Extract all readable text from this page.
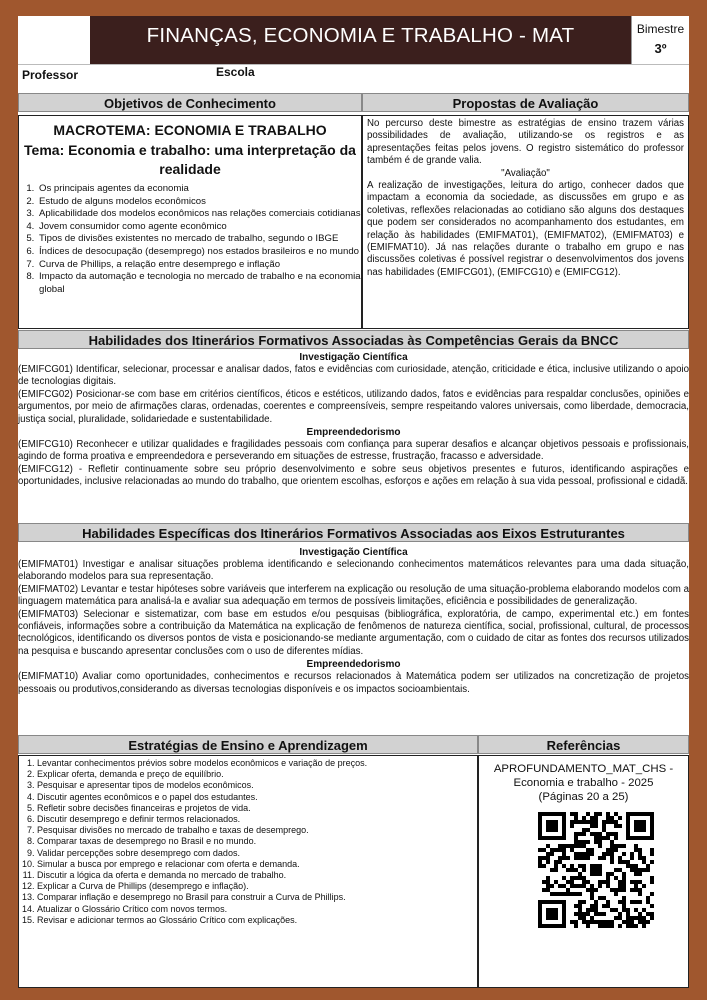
FINANÇAS, ECONOMIA E TRABALHO - MAT	Bimestre
3º
Professor	Escola
Objetivos de Conhecimento	Propostas de Avaliação
MACROTEMA: ECONOMIA E TRABALHO
Tema: Economia e trabalho: uma interpretação da realidade
1. Os principais agentes da economia
2. Estudo de alguns modelos econômicos
3. Aplicabilidade dos modelos econômicos nas relações comerciais cotidianas
4. Jovem consumidor como agente econômico
5. Tipos de divisões existentes no mercado de trabalho, segundo o IBGE
6. Índices de desocupação (desemprego) nos estados brasileiros e no mundo
7. Curva de Phillips, a relação entre desemprego e inflação
8. Impacto da automação e tecnologia no mercado de trabalho e na economia global

No percurso deste bimestre as estratégias de ensino trazem várias possibilidades de avaliação, utilizando-se os registros e as apresentações feitas pelos jovens. O registro sistemático do professor também é de grande valia.

"Avaliação"

A realização de investigações, leitura do artigo, conhecer dados que impactam a economia da sociedade, as discussões em grupo e as coletivas, reflexões relacionadas ao cotidiano são alguns dos destaques que podem ser considerados no acompanhamento dos estudantes, em relação às habilidades (EMIFMAT01), (EMIFMAT02), (EMIFMAT03) e (EMIFMAT10). Já nas relações durante o trabalho em grupo e nas discussões coletivas é possível registrar o desenvolvimentos dos jovens nas habilidades (EMIFCG01), (EMIFCG10) e (EMIFCG12).

Habilidades dos Itinerários Formativos Associadas às Competências Gerais da BNCC
Investigação Científica

(EMIFCG01) Identificar, selecionar, processar e analisar dados, fatos e evidências com curiosidade, atenção, criticidade e ética, inclusive utilizando o apoio de tecnologias digitais.

(EMIFCG02) Posicionar-se com base em critérios científicos, éticos e estéticos, utilizando dados, fatos e evidências para respaldar conclusões, opiniões e argumentos, por meio de afirmações claras, ordenadas, coerentes e compreensíveis, sempre respeitando valores universais, como liberdade, democracia, justiça social, pluralidade, solidariedade e sustentabilidade.

Empreendedorismo

(EMIFCG10) Reconhecer e utilizar qualidades e fragilidades pessoais com confiança para superar desafios e alcançar objetivos pessoais e profissionais, agindo de forma proativa e empreendedora e perseverando em situações de estresse, frustração, fracasso e adversidade.

(EMIFCG12) - Refletir continuamente sobre seu próprio desenvolvimento e sobre seus objetivos presentes e futuros, identificando aspirações e oportunidades, inclusive relacionadas ao mundo do trabalho, que orientem escolhas, esforços e ações em relação à sua vida pessoal, profissional e cidadã.

Habilidades Específicas dos Itinerários Formativos Associadas aos Eixos Estruturantes
Investigação Científica

(EMIFMAT01) Investigar e analisar situações problema identificando e selecionando conhecimentos matemáticos relevantes para uma dada situação, elaborando modelos para sua representação.

(EMIFMAT02) Levantar e testar hipóteses sobre variáveis que interferem na explicação ou resolução de uma situação-problema elaborando modelos com a linguagem matemática para analisá-la e avaliar sua adequação em termos de possíveis limitações, eficiência e possibilidades de generalização.

(EMIFMAT03) Selecionar e sistematizar, com base em estudos e/ou pesquisas (bibliográfica, exploratória, de campo, experimental etc.) em fontes confiáveis, informações sobre a contribuição da Matemática na explicação de fenômenos de natureza científica, social, profissional, cultural, de processos tecnológicos, identificando os diversos pontos de vista e posicionando-se mediante argumentação, com o cuidado de citar as fontes dos recursos utilizados na pesquisa e buscando apresentar conclusões com o uso de diferentes mídias.

Empreendedorismo

(EMIFMAT10) Avaliar como oportunidades, conhecimentos e recursos relacionados à Matemática podem ser utilizados na concretização de projetos pessoais ou produtivos,considerando as diversas tecnologias disponíveis e os impactos socioambientais.

Estratégias de Ensino e Aprendizagem	Referências
1. Levantar conhecimentos prévios sobre modelos econômicos e variação de preços.
2. Explicar oferta, demanda e preço de equilíbrio.
3. Pesquisar e apresentar tipos de modelos econômicos.
4. Discutir agentes econômicos e o papel dos estudantes.
5. Refletir sobre decisões financeiras e projetos de vida.
6. Discutir desemprego e definir termos relacionados.
7. Pesquisar divisões no mercado de trabalho e taxas de desemprego.
8. Comparar taxas de desemprego no Brasil e no mundo.
9. Validar percepções sobre desemprego com dados.
10. Simular a busca por emprego e relacionar com oferta e demanda.
11. Discutir a lógica da oferta e demanda no mercado de trabalho.
12. Explicar a Curva de Phillips (desemprego e inflação).
13. Comparar inflação e desemprego no Brasil para construir a Curva de Phillips.
14. Atualizar o Glossário Crítico com novos termos.
15. Revisar e adicionar termos ao Glossário Crítico com explicações.
APROFUNDAMENTO_MAT_CHS -
Economia e trabalho - 2025
(Páginas 20 a 25)
